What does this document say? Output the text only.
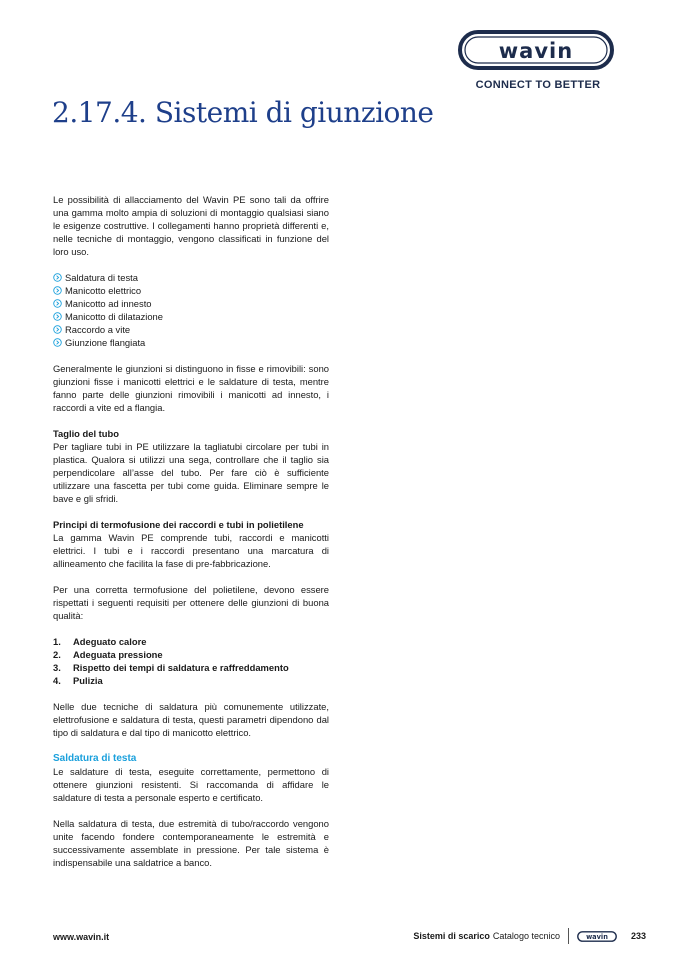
wavin
CONNECT TO BETTER
2.17.4. Sistemi di giunzione

Le possibilità di allacciamento del Wavin PE sono tali da offrire una gamma molto ampia di soluzioni di montaggio qualsiasi siano le esigenze costruttive. I collegamenti hanno proprietà differenti e, nelle tecniche di montaggio, vengono classificati in funzione del loro uso.

Saldatura di testa
Manicotto elettrico
Manicotto ad innesto
Manicotto di dilatazione
Raccordo a vite
Giunzione flangiata

Generalmente le giunzioni si distinguono in fisse e rimovibili: sono giunzioni fisse i manicotti elettrici e le saldature di testa, mentre fanno parte delle giunzioni rimovibili i manicotti ad innesto, i raccordi a vite ed a flangia.

Taglio del tubo

Per tagliare tubi in PE utilizzare la tagliatubi circolare per tubi in plastica. Qualora si utilizzi una sega, controllare che il taglio sia perpendicolare all’asse del tubo. Per fare ciò è sufficiente utilizzare una fascetta per tubi come guida. Eliminare sempre le bave e gli sfridi.

Principi di termofusione dei raccordi e tubi in polietilene

La gamma Wavin PE comprende tubi, raccordi e manicotti elettrici. I tubi e i raccordi presentano una marcatura di allineamento che facilita la fase di pre-fabbricazione.

Per una corretta termofusione del polietilene, devono essere rispettati i seguenti requisiti per ottenere delle giunzioni di buona qualità:

1.	Adeguato calore
2.	Adeguata pressione
3.	Rispetto dei tempi di saldatura e raffreddamento
4.	Pulizia

Nelle due tecniche di saldatura più comunemente utilizzate, elettrofusione e saldatura di testa, questi parametri dipendono dal tipo di saldatura e dal tipo di manicotto elettrico.

Saldatura di testa

Le saldature di testa, eseguite correttamente, permettono di ottenere giunzioni resistenti. Si raccomanda di affidare le saldature di testa a personale esperto e certificato.

Nella saldatura di testa, due estremità di tubo/raccordo vengono unite facendo fondere contemporaneamente le estremità e successivamente assemblate in pressione. Per tale sistema è indispensabile una saldatrice a banco.

www.wavin.it	Sistemi di scarico Catalogo tecnico	wavin	233
